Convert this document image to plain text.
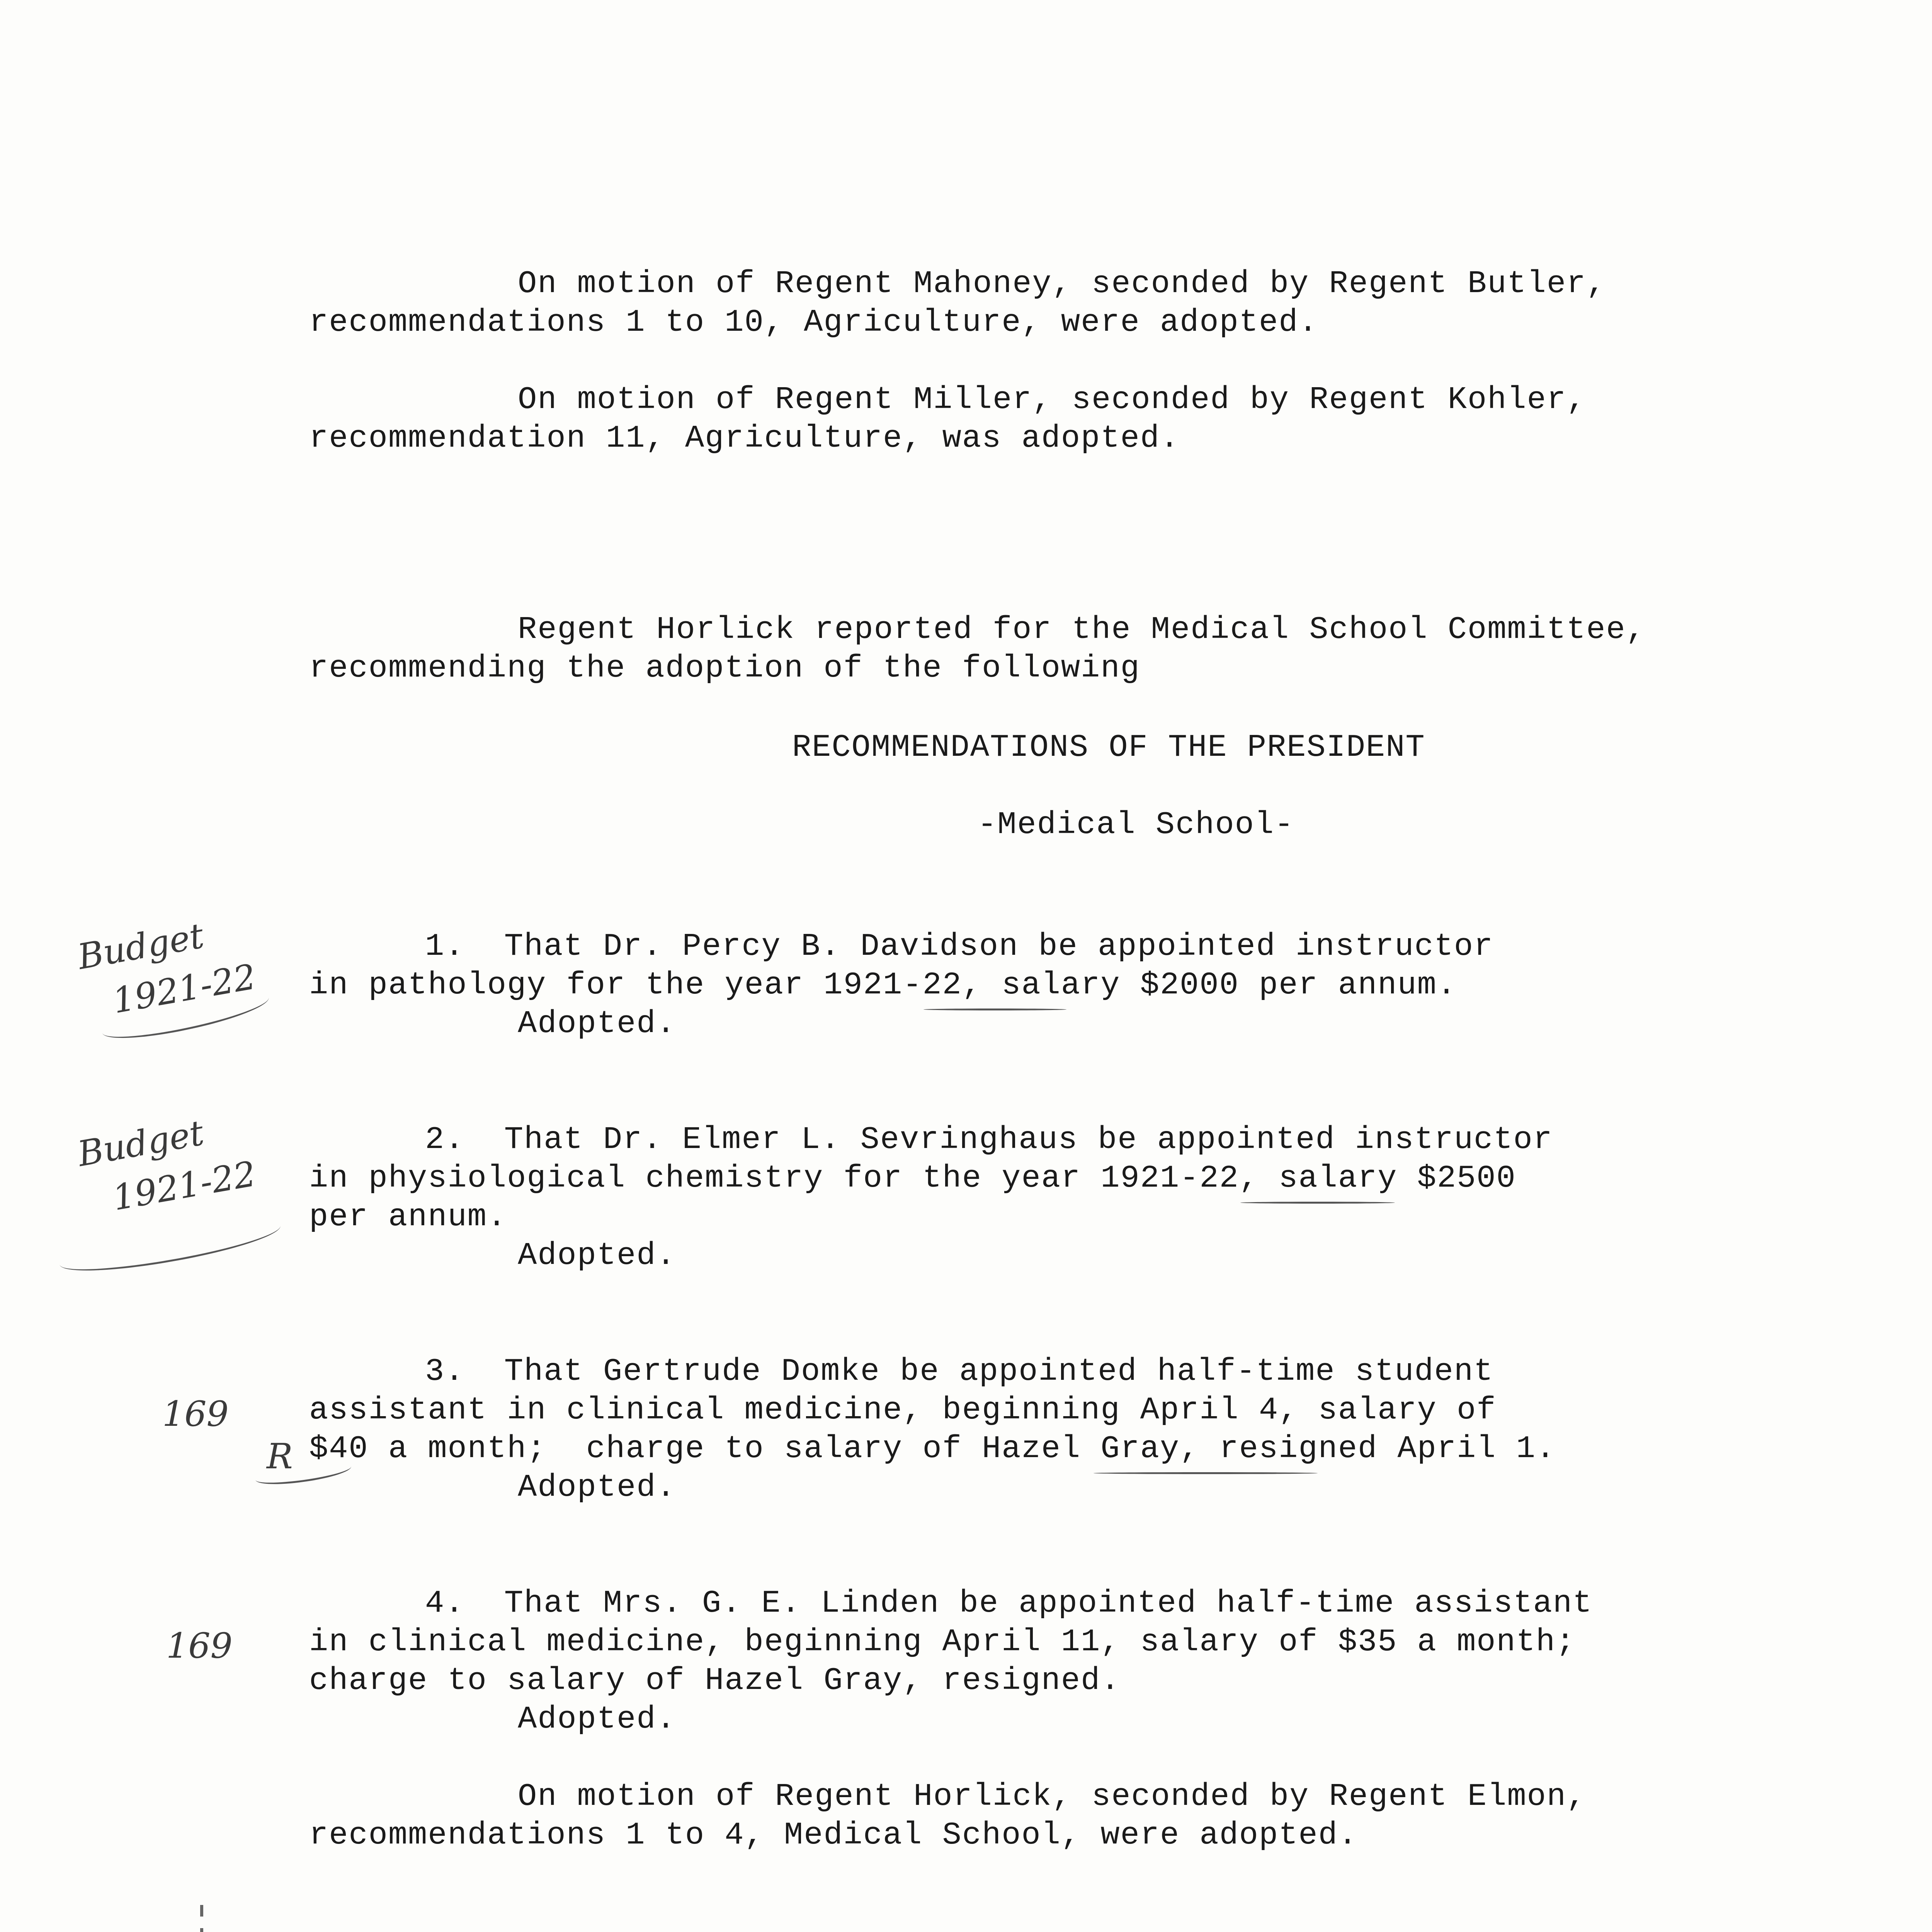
On motion of Regent Mahoney, seconded by Regent Butler,
recommendations 1 to 10, Agriculture, were adopted.
On motion of Regent Miller, seconded by Regent Kohler,
recommendation 11, Agriculture, was adopted.
Regent Horlick reported for the Medical School Committee,
recommending the adoption of the following
RECOMMENDATIONS OF THE PRESIDENT
-Medical School-
Budget
1921-22
1.  That Dr. Percy B. Davidson be appointed instructor
in pathology for the year 1921-22, salary $2000 per annum.
Adopted.
Budget
1921-22
2.  That Dr. Elmer L. Sevringhaus be appointed instructor
in physiological chemistry for the year 1921-22, salary $2500
per annum.
Adopted.
169
R
3.  That Gertrude Domke be appointed half-time student
assistant in clinical medicine, beginning April 4, salary of
$40 a month;  charge to salary of Hazel Gray, resigned April 1.
Adopted.
169
4.  That Mrs. G. E. Linden be appointed half-time assistant
in clinical medicine, beginning April 11, salary of $35 a month;
charge to salary of Hazel Gray, resigned.
Adopted.
On motion of Regent Horlick, seconded by Regent Elmon,
recommendations 1 to 4, Medical School, were adopted.
